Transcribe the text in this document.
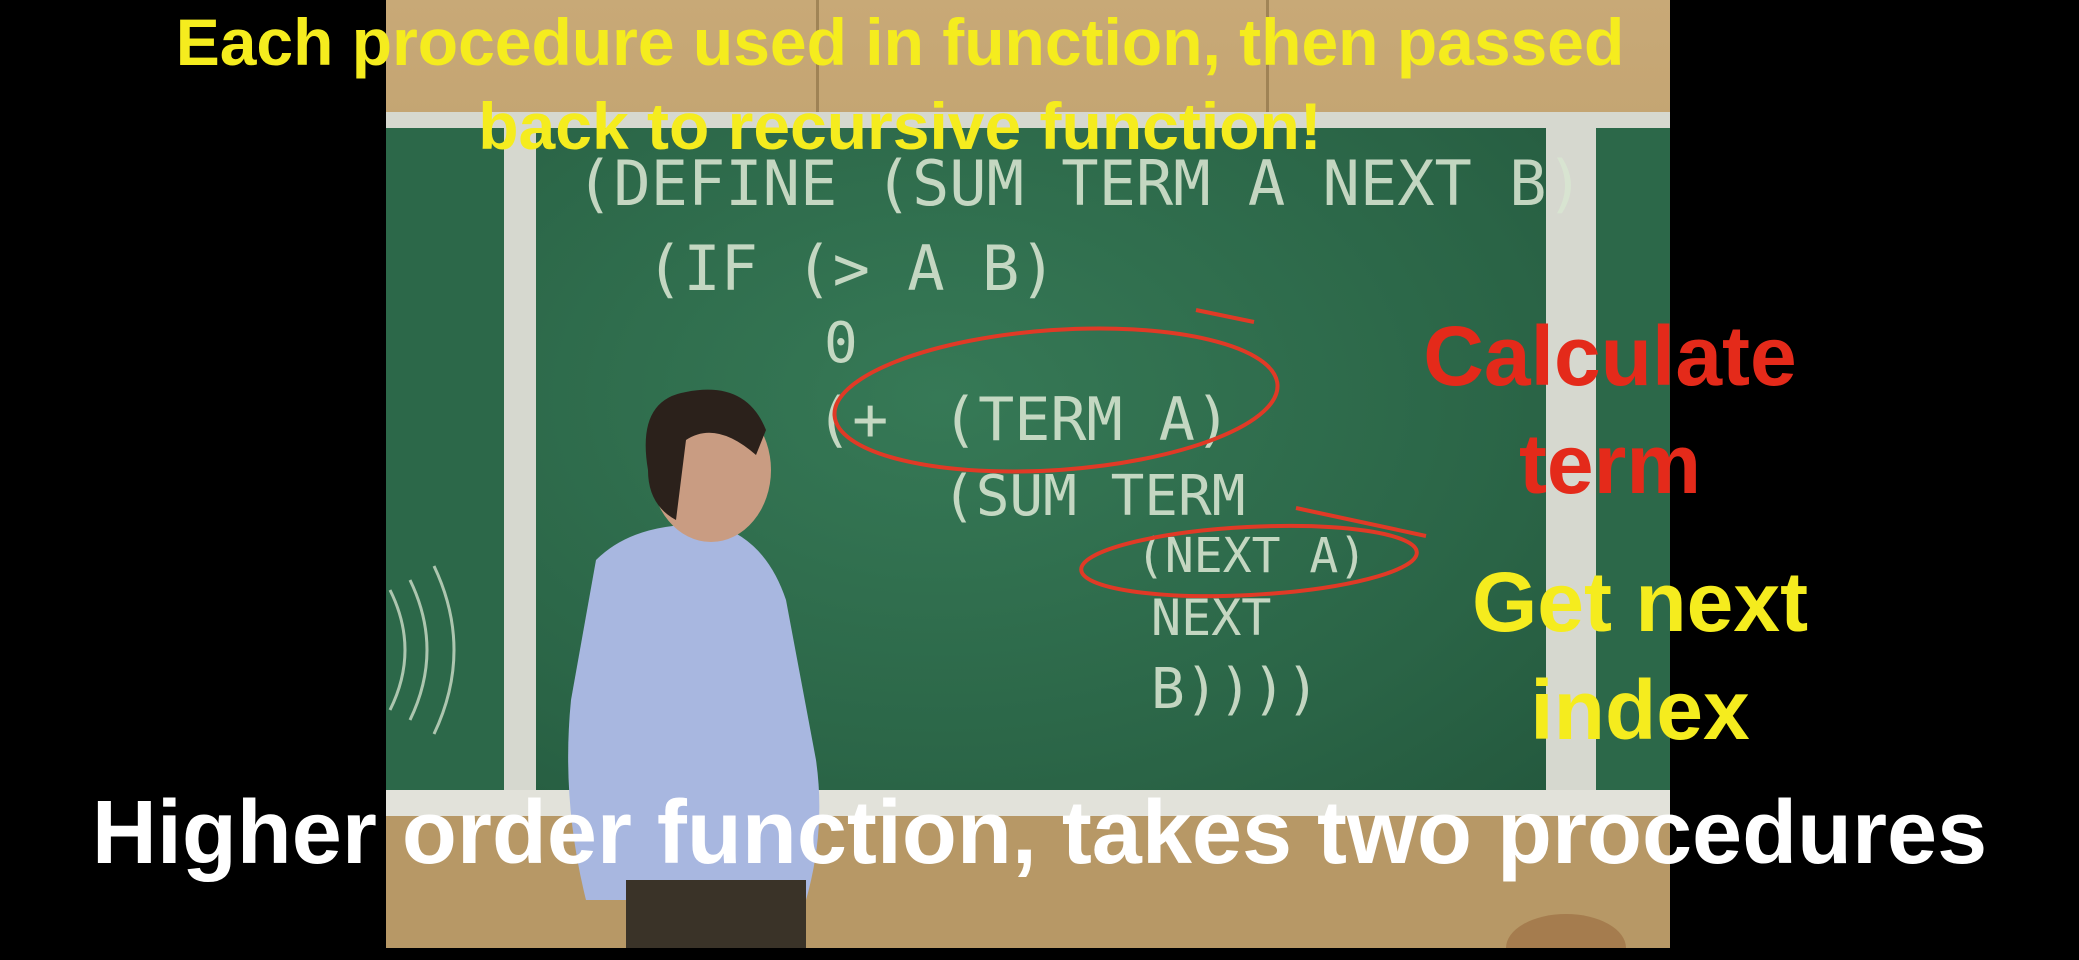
(DEFINE (SUM TERM A NEXT B)
(IF (> A B)
0
(+ (TERM A)
(SUM TERM
(NEXT A)
NEXT
B))))
Each procedure used in function, then passed back to recursive function!
Calculate term
Get next index
Higher order function, takes two procedures
